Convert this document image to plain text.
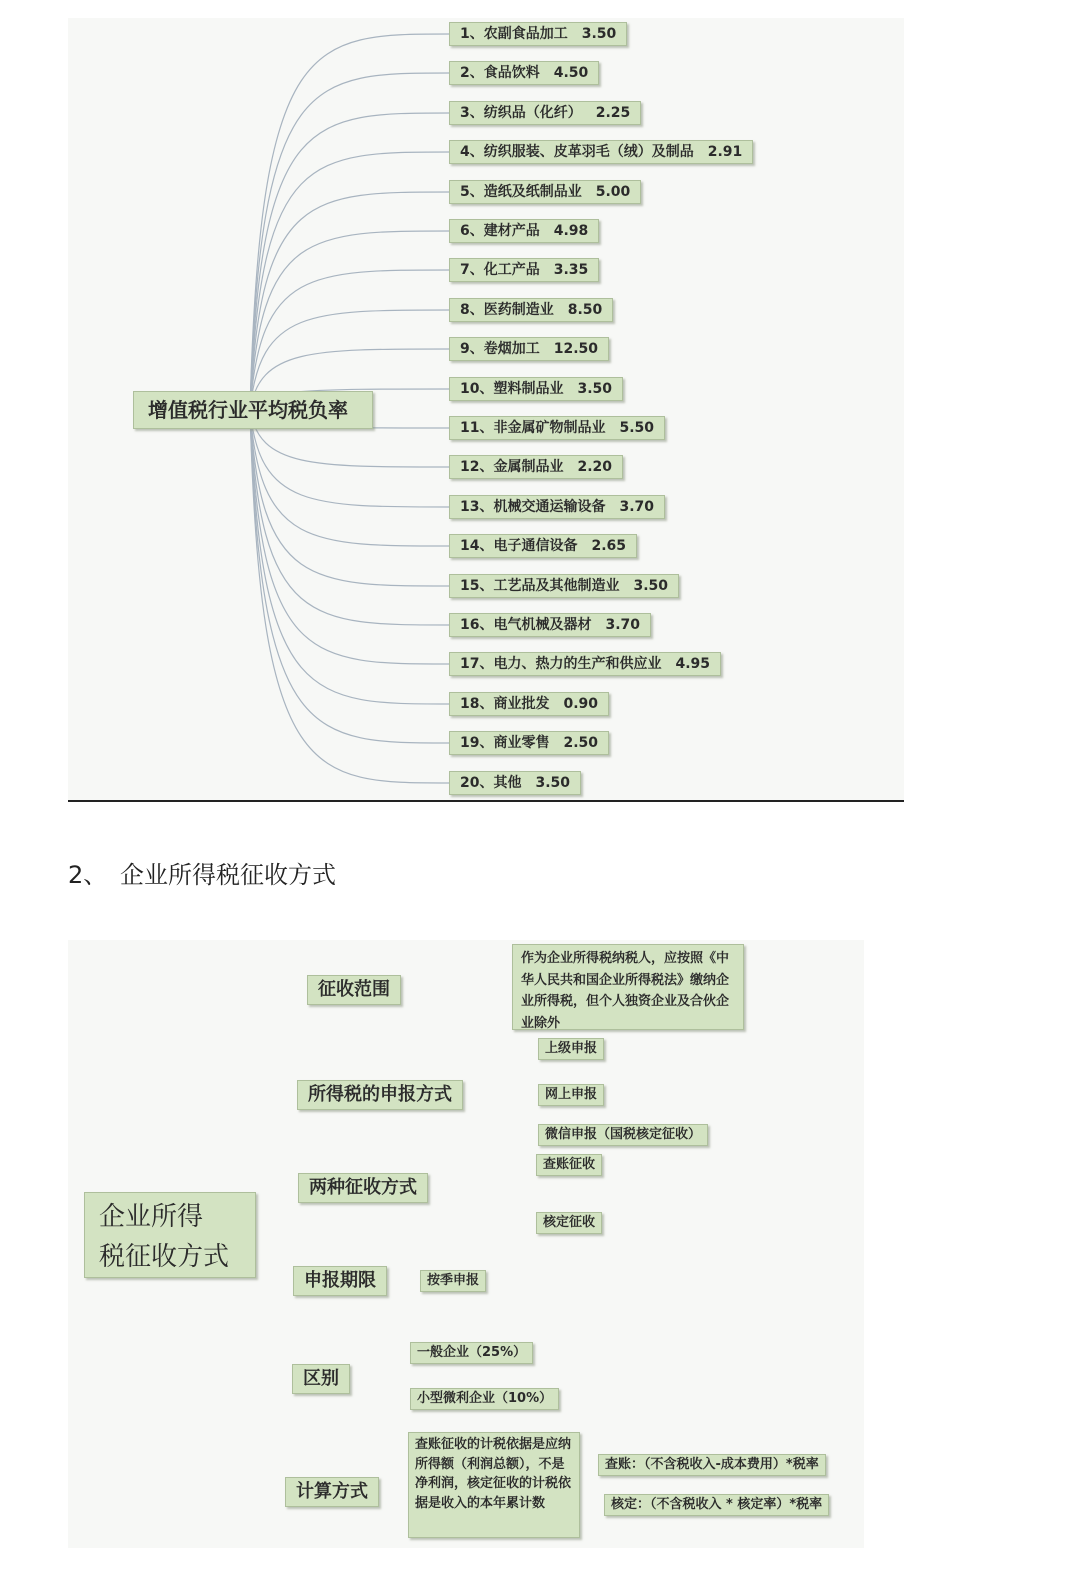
增值税行业平均税负率
1、农副食品加工 3.50
2、食品饮料 4.50
3、纺织品（化纤） 2.25
4、纺织服装、皮革羽毛（绒）及制品 2.91
5、造纸及纸制品业 5.00
6、建材产品 4.98
7、化工产品 3.35
8、医药制造业 8.50
9、卷烟加工 12.50
10、塑料制品业 3.50
11、非金属矿物制品业 5.50
12、金属制品业 2.20
13、机械交通运输设备 3.70
14、电子通信设备 2.65
15、工艺品及其他制造业 3.50
16、电气机械及器材 3.70
17、电力、热力的生产和供应业 4.95
18、商业批发 0.90
19、商业零售 2.50
20、其他 3.50
2、 企业所得税征收方式
企业所得
税征收方式
征收范围
作为企业所得税纳税人，应按照《中华人民共和国企业所得税法》缴纳企业所得税，但个人独资企业及合伙企业除外
所得税的申报方式
上级申报
网上申报
微信申报（国税核定征收）
两种征收方式
查账征收
核定征收
申报期限	按季申报
区别
一般企业（25%）
小型微利企业（10%）
计算方式
查账征收的计税依据是应纳所得额（利润总额），不是净利润，核定征收的计税依据是收入的本年累计数
查账：（不含税收入-成本费用）*税率
核定：（不含税收入 * 核定率）*税率
